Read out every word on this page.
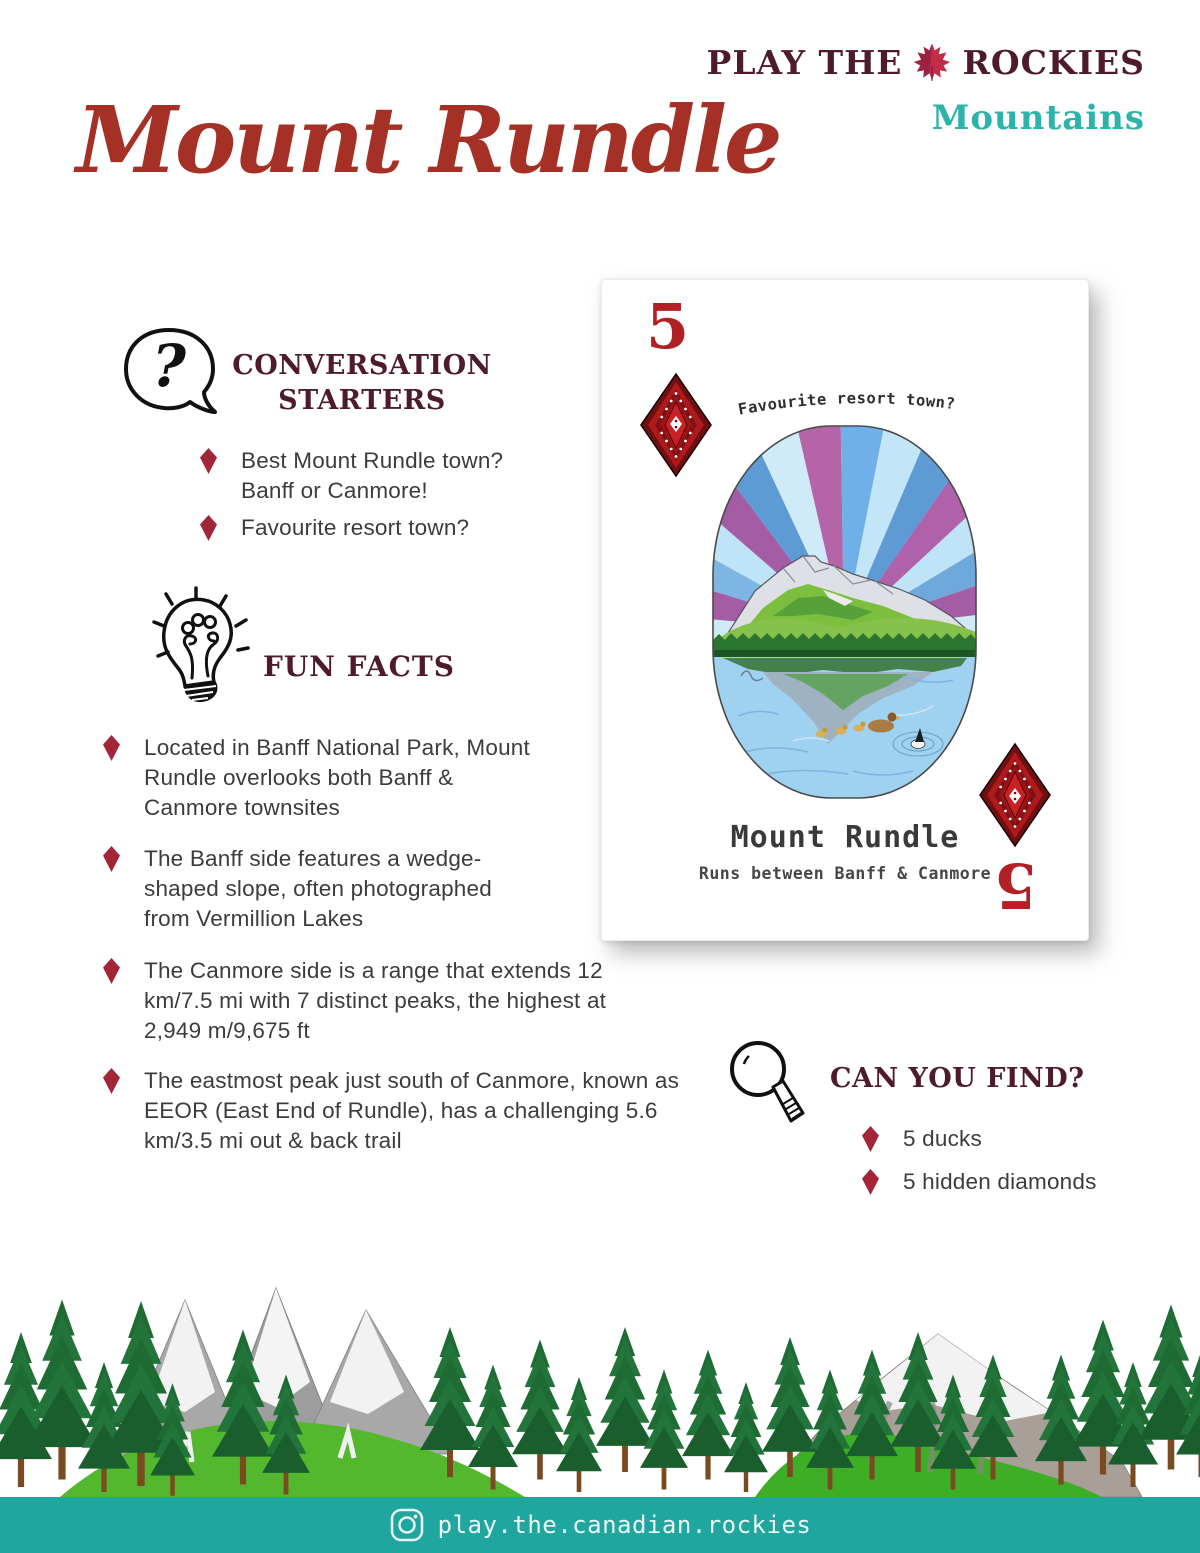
PLAY THE ROCKIES
Mountains
Mount Rundle
? CONVERSATION STARTERS
Best Mount Rundle town? Banff or Canmore!
Favourite resort town?
FUN FACTS
Located in Banff National Park, Mount Rundle overlooks both Banff & Canmore townsites
The Banff side features a wedge-shaped slope, often photographed from Vermillion Lakes
The Canmore side is a range that extends 12 km/7.5 mi with 7 distinct peaks, the highest at 2,949 m/9,675 ft
The eastmost peak just south of Canmore, known as EEOR (East End of Rundle), has a challenging 5.6 km/3.5 mi out & back trail
5
Favourite resort town?
Mount Rundle
Runs between Banff & Canmore 5
CAN YOU FIND?
5 ducks
5 hidden diamonds
play.the.canadian.rockies
